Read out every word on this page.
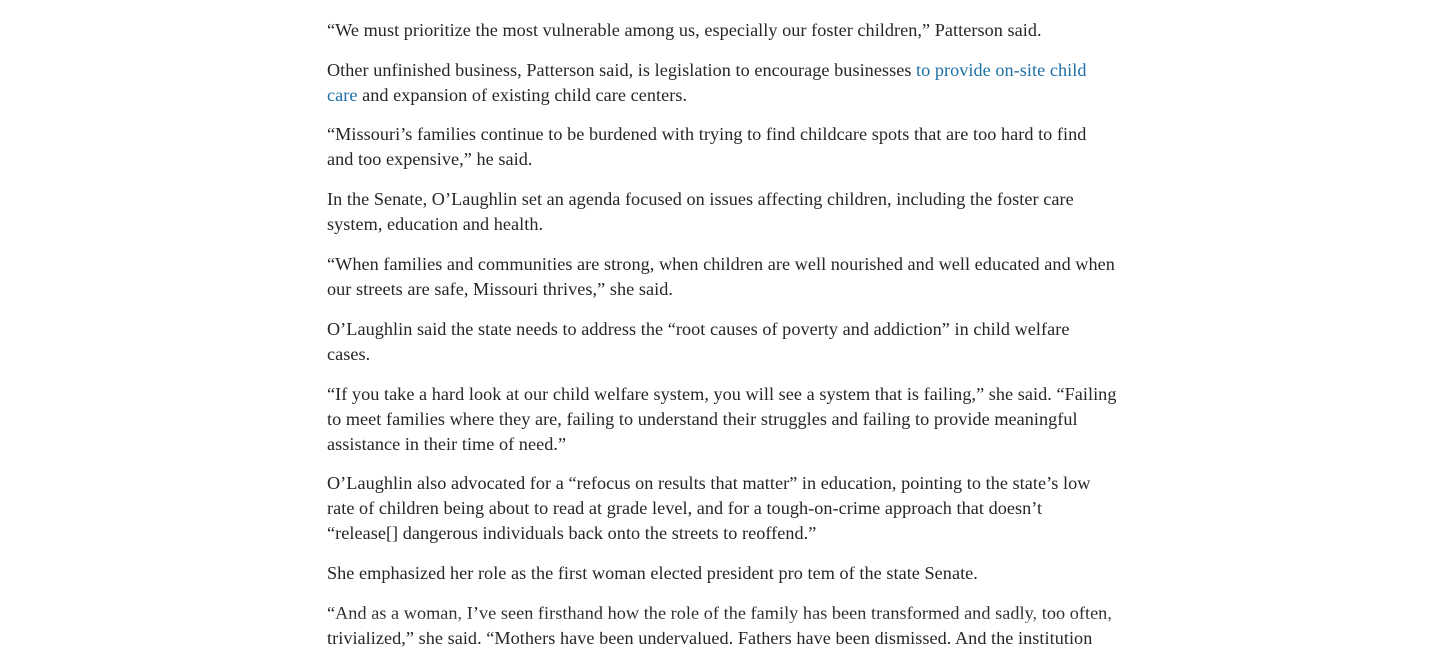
“We must prioritize the most vulnerable among us, especially our foster children,” Patterson said.

Other unfinished business, Patterson said, is legislation to encourage businesses to provide on-site child care and expansion of existing child care centers.

“Missouri’s families continue to be burdened with trying to find childcare spots that are too hard to find and too expensive,” he said.

In the Senate, O’Laughlin set an agenda focused on issues affecting children, including the foster care system, education and health.

“When families and communities are strong, when children are well nourished and well educated and when our streets are safe, Missouri thrives,” she said.

O’Laughlin said the state needs to address the “root causes of poverty and addiction” in child welfare cases.

“If you take a hard look at our child welfare system, you will see a system that is failing,” she said. “Failing to meet families where they are, failing to understand their struggles and failing to provide meaningful assistance in their time of need.”

O’Laughlin also advocated for a “refocus on results that matter” in education, pointing to the state’s low rate of children being about to read at grade level, and for a tough-on-crime approach that doesn’t “release[] dangerous individuals back onto the streets to reoffend.”

She emphasized her role as the first woman elected president pro tem of the state Senate.

“And as a woman, I’ve seen firsthand how the role of the family has been transformed and sadly, too often, trivialized,” she said. “Mothers have been undervalued. Fathers have been dismissed. And the institution
